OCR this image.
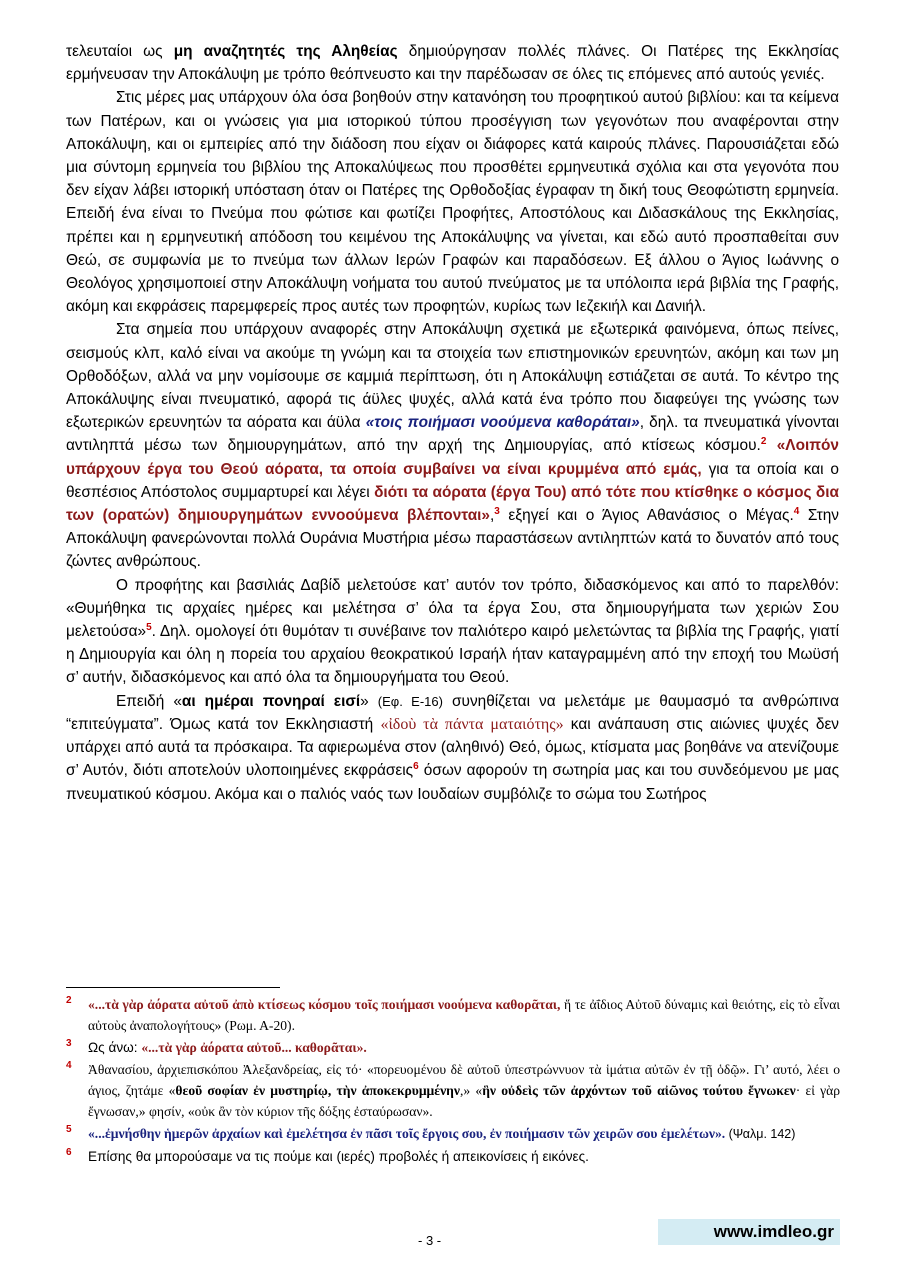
τελευταίοι ως μη αναζητητές της Αληθείας δημιούργησαν πολλές πλάνες. Οι Πατέρες της Εκκλησίας ερμήνευσαν την Αποκάλυψη με τρόπο θεόπνευστο και την παρέδωσαν σε όλες τις επόμενες από αυτούς γενιές.

Στις μέρες μας υπάρχουν όλα όσα βοηθούν στην κατανόηση του προφητικού αυτού βιβλίου: και τα κείμενα των Πατέρων, και οι γνώσεις για μια ιστορικού τύπου προσέγγιση των γεγονότων που αναφέρονται στην Αποκάλυψη, και οι εμπειρίες από την διάδοση που είχαν οι διάφορες κατά καιρούς πλάνες. Παρουσιάζεται εδώ μια σύντομη ερμηνεία του βιβλίου της Αποκαλύψεως που προσθέτει ερμηνευτικά σχόλια και στα γεγονότα που δεν είχαν λάβει ιστορική υπόσταση όταν οι Πατέρες της Ορθοδοξίας έγραφαν τη δική τους Θεοφώτιστη ερμηνεία. Επειδή ένα είναι το Πνεύμα που φώτισε και φωτίζει Προφήτες, Αποστόλους και Διδασκάλους της Εκκλησίας, πρέπει και η ερμηνευτική απόδοση του κειμένου της Αποκάλυψης να γίνεται, και εδώ αυτό προσπαθείται συν Θεώ, σε συμφωνία με το πνεύμα των άλλων Ιερών Γραφών και παραδόσεων. Εξ άλλου ο Άγιος Ιωάννης ο Θεολόγος χρησιμοποιεί στην Αποκάλυψη νοήματα του αυτού πνεύματος με τα υπόλοιπα ιερά βιβλία της Γραφής, ακόμη και εκφράσεις παρεμφερείς προς αυτές των προφητών, κυρίως των Ιεζεκιήλ και Δανιήλ.

Στα σημεία που υπάρχουν αναφορές στην Αποκάλυψη σχετικά με εξωτερικά φαινόμενα, όπως πείνες, σεισμούς κλπ, καλό είναι να ακούμε τη γνώμη και τα στοιχεία των επιστημονικών ερευνητών, ακόμη και των μη Ορθοδόξων, αλλά να μην νομίσουμε σε καμμιά περίπτωση, ότι η Αποκάλυψη εστιάζεται σε αυτά. Το κέντρο της Αποκάλυψης είναι πνευματικό, αφορά τις άϋλες ψυχές, αλλά κατά ένα τρόπο που διαφεύγει της γνώσης των εξωτερικών ερευνητών τα αόρατα και άϋλα «τοις ποιήμασι νοούμενα καθοράται», δηλ. τα πνευματικά γίνονται αντιληπτά μέσω των δημιουργημάτων, από την αρχή της Δημιουργίας, από κτίσεως κόσμου.$^2$ «Λοιπόν υπάρχουν έργα του Θεού αόρατα, τα οποία συμβαίνει να είναι κρυμμένα από εμάς, για τα οποία και ο θεσπέσιος Απόστολος συμμαρτυρεί και λέγει διότι τα αόρατα (έργα Του) από τότε που κτίσθηκε ο κόσμος δια των (ορατών) δημιουργημάτων εννοούμενα βλέπονται»,$^3$ εξηγεί και ο Άγιος Αθανάσιος ο Μέγας.$^4$ Στην Αποκάλυψη φανερώνονται πολλά Ουράνια Μυστήρια μέσω παραστάσεων αντιληπτών κατά το δυνατόν από τους ζώντες ανθρώπους.

Ο προφήτης και βασιλιάς Δαβίδ μελετούσε κατ’ αυτόν τον τρόπο, διδασκόμενος και από το παρελθόν: «Θυμήθηκα τις αρχαίες ημέρες και μελέτησα σ’ όλα τα έργα Σου, στα δημιουργήματα των χεριών Σου μελετούσα»$^5$. Δηλ. ομολογεί ότι θυμόταν τι συνέβαινε τον παλιότερο καιρό μελετώντας τα βιβλία της Γραφής, γιατί η Δημιουργία και όλη η πορεία του αρχαίου θεοκρατικού Ισραήλ ήταν καταγραμμένη από την εποχή του Μωϋσή σ’ αυτήν, διδασκόμενος και από όλα τα δημιουργήματα του Θεού.

Επειδή «αι ημέραι πονηραί εισί» (Εφ. Ε-16) συνηθίζεται να μελετάμε με θαυμασμό τα ανθρώπινα “επιτεύγματα”. Όμως κατά τον Εκκλησιαστή «ἰδοὺ τὰ πάντα ματαιότης» και ανάπαυση στις αιώνιες ψυχές δεν υπάρχει από αυτά τα πρόσκαιρα. Τα αφιερωμένα στον (αληθινό) Θεό, όμως, κτίσματα μας βοηθάνε να ατενίζουμε σ’ Αυτόν, διότι αποτελούν υλοποιημένες εκφράσεις$^6$ όσων αφορούν τη σωτηρία μας και του συνδεόμενου με μας πνευματικού κόσμου. Ακόμα και ο παλιός ναός των Ιουδαίων συμβόλιζε το σώμα του Σωτήρος

2 «...τὰ γὰρ ἀόρατα αὐτοῦ ἀπὸ κτίσεως κόσμου τοῖς ποιήμασι νοούμενα καθορᾶται, ἥ τε ἀΐδιος Αὐτοῦ δύναμις καὶ θειότης, εἰς τὸ εἶναι αὐτοὺς ἀναπολογήτους» (Ρωμ. Α-20).
3 Ως άνω: «...τὰ γὰρ ἀόρατα αὐτοῦ... καθορᾶται».
4 Ἀθανασίου, ἀρχιεπισκόπου Ἀλεξανδρείας, εἰς τό· «πορευομένου δὲ αὐτοῦ ὑπεστρώννυον τὰ ἱμάτια αὐτῶν ἐν τῇ ὁδῷ». Γι’ αυτό, λέει ο άγιος, ζητάμε «θεοῦ σοφίαν ἐν μυστηρίῳ, τὴν ἀποκεκρυμμένην,» «ἣν οὐδεὶς τῶν ἀρχόντων τοῦ αἰῶνος τούτου ἔγνωκεν· εἰ γὰρ ἔγνωσαν,» φησίν, «οὐκ ἂν τὸν κύριον τῆς δόξης ἐσταύρωσαν».
5 «...ἐμνήσθην ἡμερῶν ἀρχαίων καὶ ἐμελέτησα ἐν πᾶσι τοῖς ἔργοις σου, ἐν ποιήμασιν τῶν χειρῶν σου ἐμελέτων». (Ψαλμ. 142)
6 Επίσης θα μπορούσαμε να τις πούμε και (ιερές) προβολές ή απεικονίσεις ή εικόνες.
- 3 -	www.imdleo.gr
